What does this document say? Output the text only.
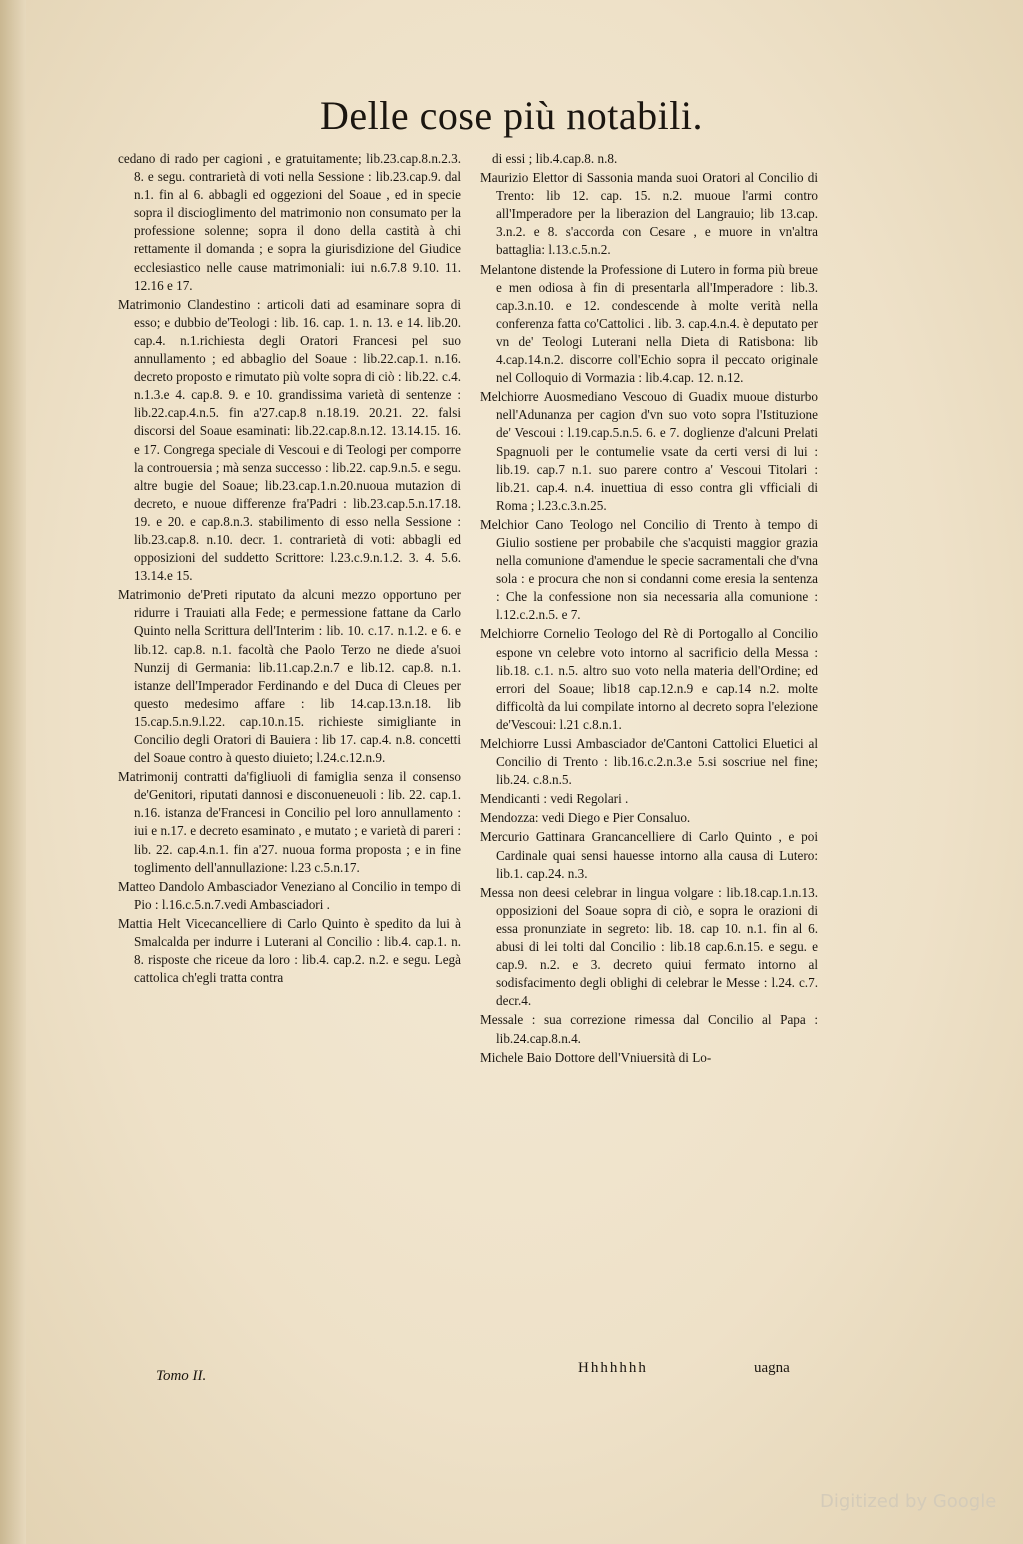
Delle cose più notabili.

cedano di rado per cagioni , e gratuitamente; lib.23.cap.8.n.2.3. 8. e segu. contrarietà di voti nella Sessione : lib.23.cap.9. dal n.1. fin al 6. abbagli ed oggezioni del Soaue , ed in specie sopra il discioglimento del matrimonio non consumato per la professione solenne; sopra il dono della castità à chi rettamente il domanda ; e sopra la giurisdizione del Giudice ecclesiastico nelle cause matrimoniali: iui n.6.7.8 9.10. 11. 12.16 e 17.

Matrimonio Clandestino : articoli dati ad esaminare sopra di esso; e dubbio de'Teologi : lib. 16. cap. 1. n. 13. e 14. lib.20. cap.4. n.1.richiesta degli Oratori Francesi pel suo annullamento ; ed abbaglio del Soaue : lib.22.cap.1. n.16. decreto proposto e rimutato più volte sopra di ciò : lib.22. c.4. n.1.3.e 4. cap.8. 9. e 10. grandissima varietà di sentenze : lib.22.cap.4.n.5. fin a'27.cap.8 n.18.19. 20.21. 22. falsi discorsi del Soaue esaminati: lib.22.cap.8.n.12. 13.14.15. 16. e 17. Congrega speciale di Vescoui e di Teologi per comporre la controuersia ; mà senza successo : lib.22. cap.9.n.5. e segu. altre bugie del Soaue; lib.23.cap.1.n.20.nuoua mutazion di decreto, e nuoue differenze fra'Padri : lib.23.cap.5.n.17.18. 19. e 20. e cap.8.n.3. stabilimento di esso nella Sessione : lib.23.cap.8. n.10. decr. 1. contrarietà di voti: abbagli ed opposizioni del suddetto Scrittore: l.23.c.9.n.1.2. 3. 4. 5.6. 13.14.e 15.

Matrimonio de'Preti riputato da alcuni mezzo opportuno per ridurre i Trauiati alla Fede; e permessione fattane da Carlo Quinto nella Scrittura dell'Interim : lib. 10. c.17. n.1.2. e 6. e lib.12. cap.8. n.1. facoltà che Paolo Terzo ne diede a'suoi Nunzij di Germania: lib.11.cap.2.n.7 e lib.12. cap.8. n.1. istanze dell'Imperador Ferdinando e del Duca di Cleues per questo medesimo affare : lib 14.cap.13.n.18. lib 15.cap.5.n.9.l.22. cap.10.n.15. richieste simigliante in Concilio degli Oratori di Bauiera : lib 17. cap.4. n.8. concetti del Soaue contro à questo diuieto; l.24.c.12.n.9.

Matrimonij contratti da'figliuoli di famiglia senza il consenso de'Genitori, riputati dannosi e disconueneuoli : lib. 22. cap.1. n.16. istanza de'Francesi in Concilio pel loro annullamento : iui e n.17. e decreto esaminato , e mutato ; e varietà di pareri : lib. 22. cap.4.n.1. fin a'27. nuoua forma proposta ; e in fine toglimento dell'annullazione: l.23 c.5.n.17.

Matteo Dandolo Ambasciador Veneziano al Concilio in tempo di Pio : l.16.c.5.n.7.vedi Ambasciadori .

Mattia Helt Vicecancelliere di Carlo Quinto è spedito da lui à Smalcalda per indurre i Luterani al Concilio : lib.4. cap.1. n. 8. risposte che riceue da loro : lib.4. cap.2. n.2. e segu. Legà cattolica ch'egli tratta contra

di essi ; lib.4.cap.8. n.8.

Maurizio Elettor di Sassonia manda suoi Oratori al Concilio di Trento: lib 12. cap. 15. n.2. muoue l'armi contro all'Imperadore per la liberazion del Langrauio; lib 13.cap. 3.n.2. e 8. s'accorda con Cesare , e muore in vn'altra battaglia: l.13.c.5.n.2.

Melantone distende la Professione di Lutero in forma più breue e men odiosa à fin di presentarla all'Imperadore : lib.3. cap.3.n.10. e 12. condescende à molte verità nella conferenza fatta co'Cattolici . lib. 3. cap.4.n.4. è deputato per vn de' Teologi Luterani nella Dieta di Ratisbona: lib 4.cap.14.n.2. discorre coll'Echio sopra il peccato originale nel Colloquio di Vormazia : lib.4.cap. 12. n.12.

Melchiorre Auosmediano Vescouo di Guadix muoue disturbo nell'Adunanza per cagion d'vn suo voto sopra l'Istituzione de' Vescoui : l.19.cap.5.n.5. 6. e 7. doglienze d'alcuni Prelati Spagnuoli per le contumelie vsate da certi versi di lui : lib.19. cap.7 n.1. suo parere contro a' Vescoui Titolari : lib.21. cap.4. n.4. inuettiua di esso contra gli vfficiali di Roma ; l.23.c.3.n.25.

Melchior Cano Teologo nel Concilio di Trento à tempo di Giulio sostiene per probabile che s'acquisti maggior grazia nella comunione d'amendue le specie sacramentali che d'vna sola : e procura che non si condanni come eresia la sentenza : Che la confessione non sia necessaria alla comunione : l.12.c.2.n.5. e 7.

Melchiorre Cornelio Teologo del Rè di Portogallo al Concilio espone vn celebre voto intorno al sacrificio della Messa : lib.18. c.1. n.5. altro suo voto nella materia dell'Ordine; ed errori del Soaue; lib18 cap.12.n.9 e cap.14 n.2. molte difficoltà da lui compilate intorno al decreto sopra l'elezione de'Vescoui: l.21 c.8.n.1.

Melchiorre Lussi Ambasciador de'Cantoni Cattolici Eluetici al Concilio di Trento : lib.16.c.2.n.3.e 5.si soscriue nel fine; lib.24. c.8.n.5.

Mendicanti : vedi Regolari .

Mendozza: vedi Diego e Pier Consaluo.

Mercurio Gattinara Grancancelliere di Carlo Quinto , e poi Cardinale quai sensi hauesse intorno alla causa di Lutero: lib.1. cap.24. n.3.

Messa non deesi celebrar in lingua volgare : lib.18.cap.1.n.13. opposizioni del Soaue sopra di ciò, e sopra le orazioni di essa pronunziate in segreto: lib. 18. cap 10. n.1. fin al 6. abusi di lei tolti dal Concilio : lib.18 cap.6.n.15. e segu. e cap.9. n.2. e 3. decreto quiui fermato intorno al sodisfacimento degli oblighi di celebrar le Messe : l.24. c.7. decr.4.

Messale : sua correzione rimessa dal Concilio al Papa : lib.24.cap.8.n.4.

Michele Baio Dottore dell'Vniuersità di Lo-

Tomo II.	Hhhhhhh	uagna
Digitized by Google
